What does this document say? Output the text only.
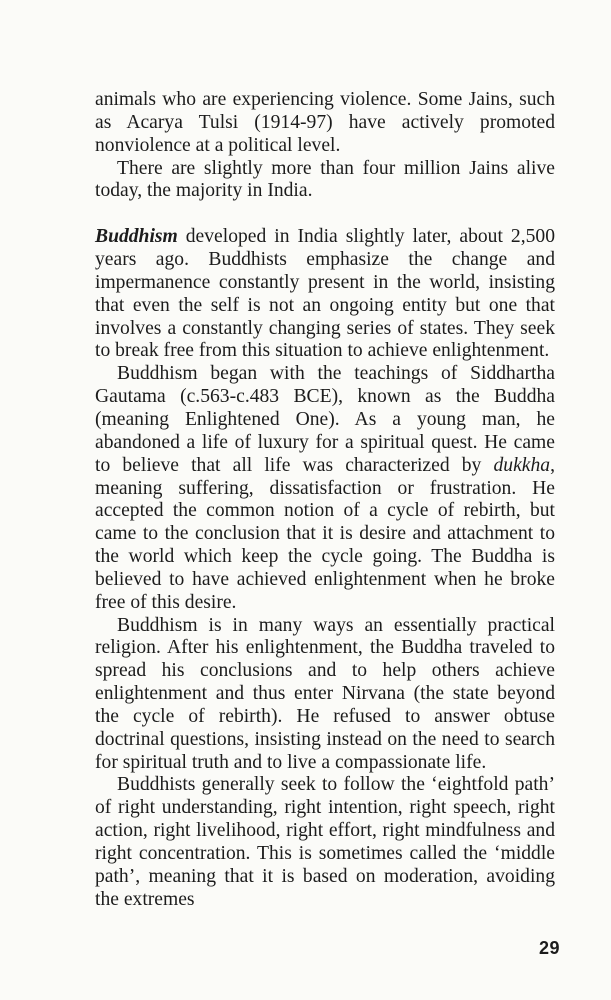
animals who are experiencing violence. Some Jains, such as Acarya Tulsi (1914-97) have actively promoted nonviolence at a political level.

There are slightly more than four million Jains alive today, the majority in India.

Buddhism developed in India slightly later, about 2,500 years ago. Buddhists emphasize the change and impermanence constantly present in the world, insisting that even the self is not an ongoing entity but one that involves a constantly changing series of states. They seek to break free from this situation to achieve enlightenment.

Buddhism began with the teachings of Siddhartha Gautama (c.563-c.483 BCE), known as the Buddha (meaning Enlightened One). As a young man, he abandoned a life of luxury for a spiritual quest. He came to believe that all life was characterized by dukkha, meaning suffering, dissatisfaction or frustration. He accepted the common notion of a cycle of rebirth, but came to the conclusion that it is desire and attachment to the world which keep the cycle going. The Buddha is believed to have achieved enlightenment when he broke free of this desire.

Buddhism is in many ways an essentially practical religion. After his enlightenment, the Buddha traveled to spread his conclusions and to help others achieve enlightenment and thus enter Nirvana (the state beyond the cycle of rebirth). He refused to answer obtuse doctrinal questions, insisting instead on the need to search for spiritual truth and to live a compassionate life.

Buddhists generally seek to follow the ‘eightfold path’ of right understanding, right intention, right speech, right action, right livelihood, right effort, right mindfulness and right concentration. This is sometimes called the ‘middle path’, meaning that it is based on moderation, avoiding the extremes

29
